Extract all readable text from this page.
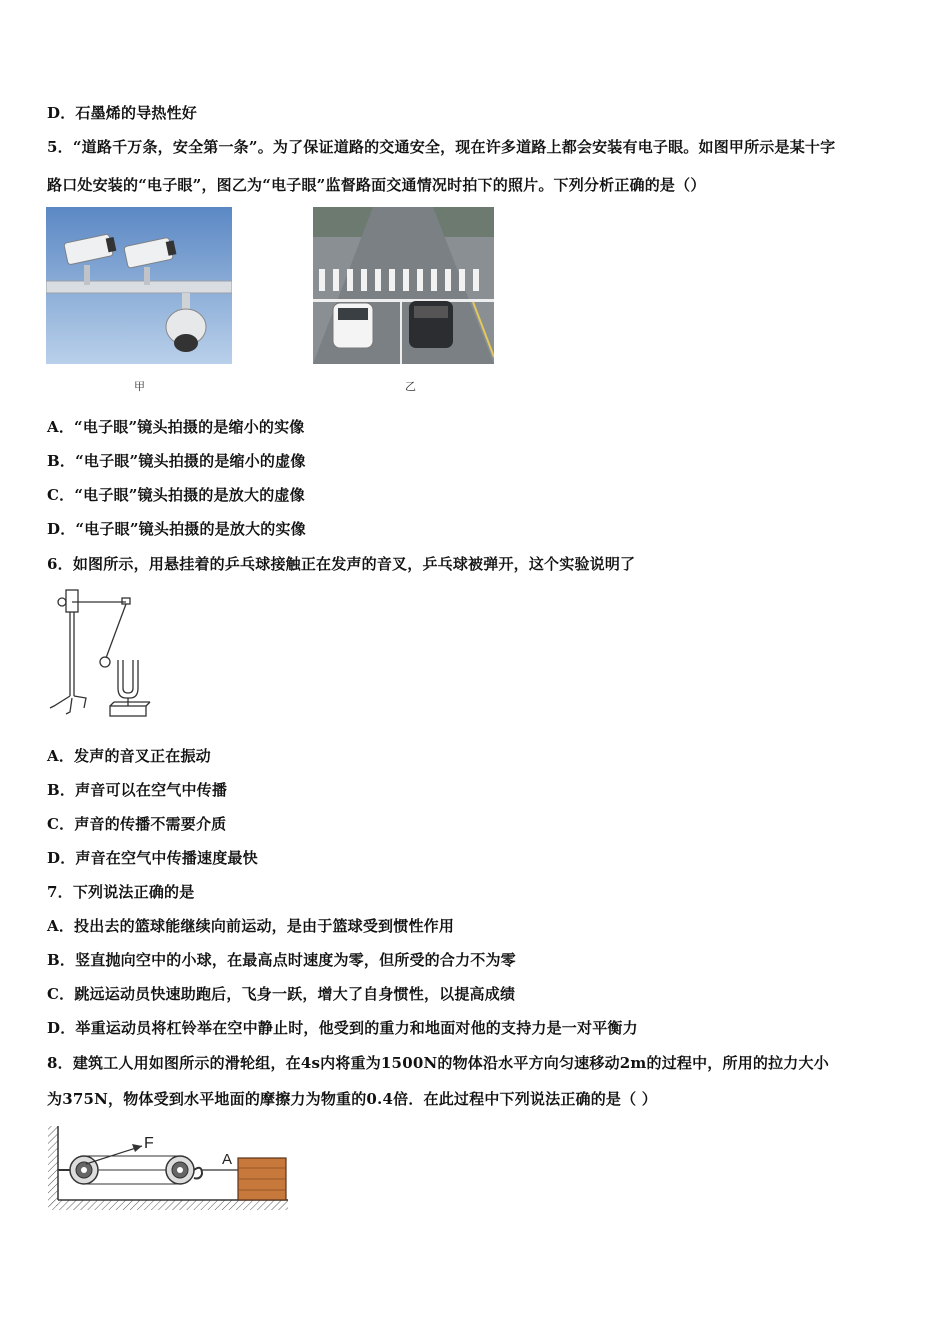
D．石墨烯的导热性好
5．“道路千万条，安全第一条”。为了保证道路的交通安全，现在许多道路上都会安装有电子眼。如图甲所示是某十字
路口处安装的“电子眼”，图乙为“电子眼”监督路面交通情况时拍下的照片。下列分析正确的是（）
甲	乙
A．“电子眼”镜头拍摄的是缩小的实像
B．“电子眼”镜头拍摄的是缩小的虚像
C．“电子眼”镜头拍摄的是放大的虚像
D．“电子眼”镜头拍摄的是放大的实像
6．如图所示，用悬挂着的乒乓球接触正在发声的音叉，乒乓球被弹开，这个实验说明了
A．发声的音叉正在振动
B．声音可以在空气中传播
C．声音的传播不需要介质
D．声音在空气中传播速度最快
7．下列说法正确的是
A．投出去的篮球能继续向前运动，是由于篮球受到惯性作用
B．竖直抛向空中的小球，在最高点时速度为零，但所受的合力不为零
C．跳远运动员快速助跑后，飞身一跃，增大了自身惯性，以提高成绩
D．举重运动员将杠铃举在空中静止时，他受到的重力和地面对他的支持力是一对平衡力
8．建筑工人用如图所示的滑轮组，在4s内将重为1500N的物体沿水平方向匀速移动2m的过程中，所用的拉力大小
为375N，物体受到水平地面的摩擦力为物重的0.4倍．在此过程中下列说法正确的是（ ）
F
A
